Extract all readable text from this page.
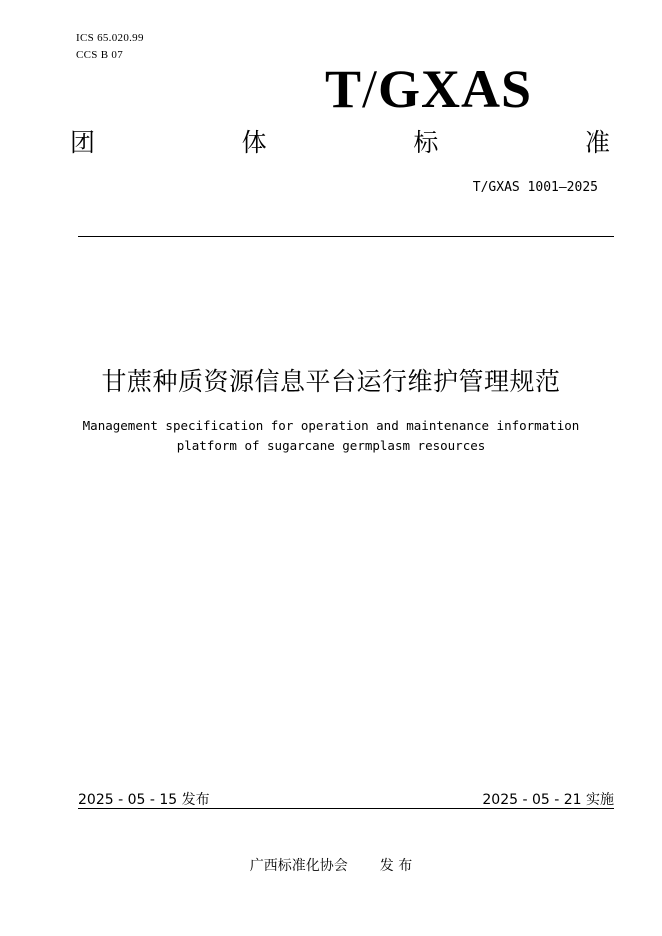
ICS 65.020.99
CCS B 07
T/GXAS
团	体	标	准
T/GXAS 1001—2025
甘蔗种质资源信息平台运行维护管理规范
Management specification for operation and maintenance information
platform of sugarcane germplasm resources
2025 - 05 - 15 发布	2025 - 05 - 21 实施
广西标准化协会 发 布
